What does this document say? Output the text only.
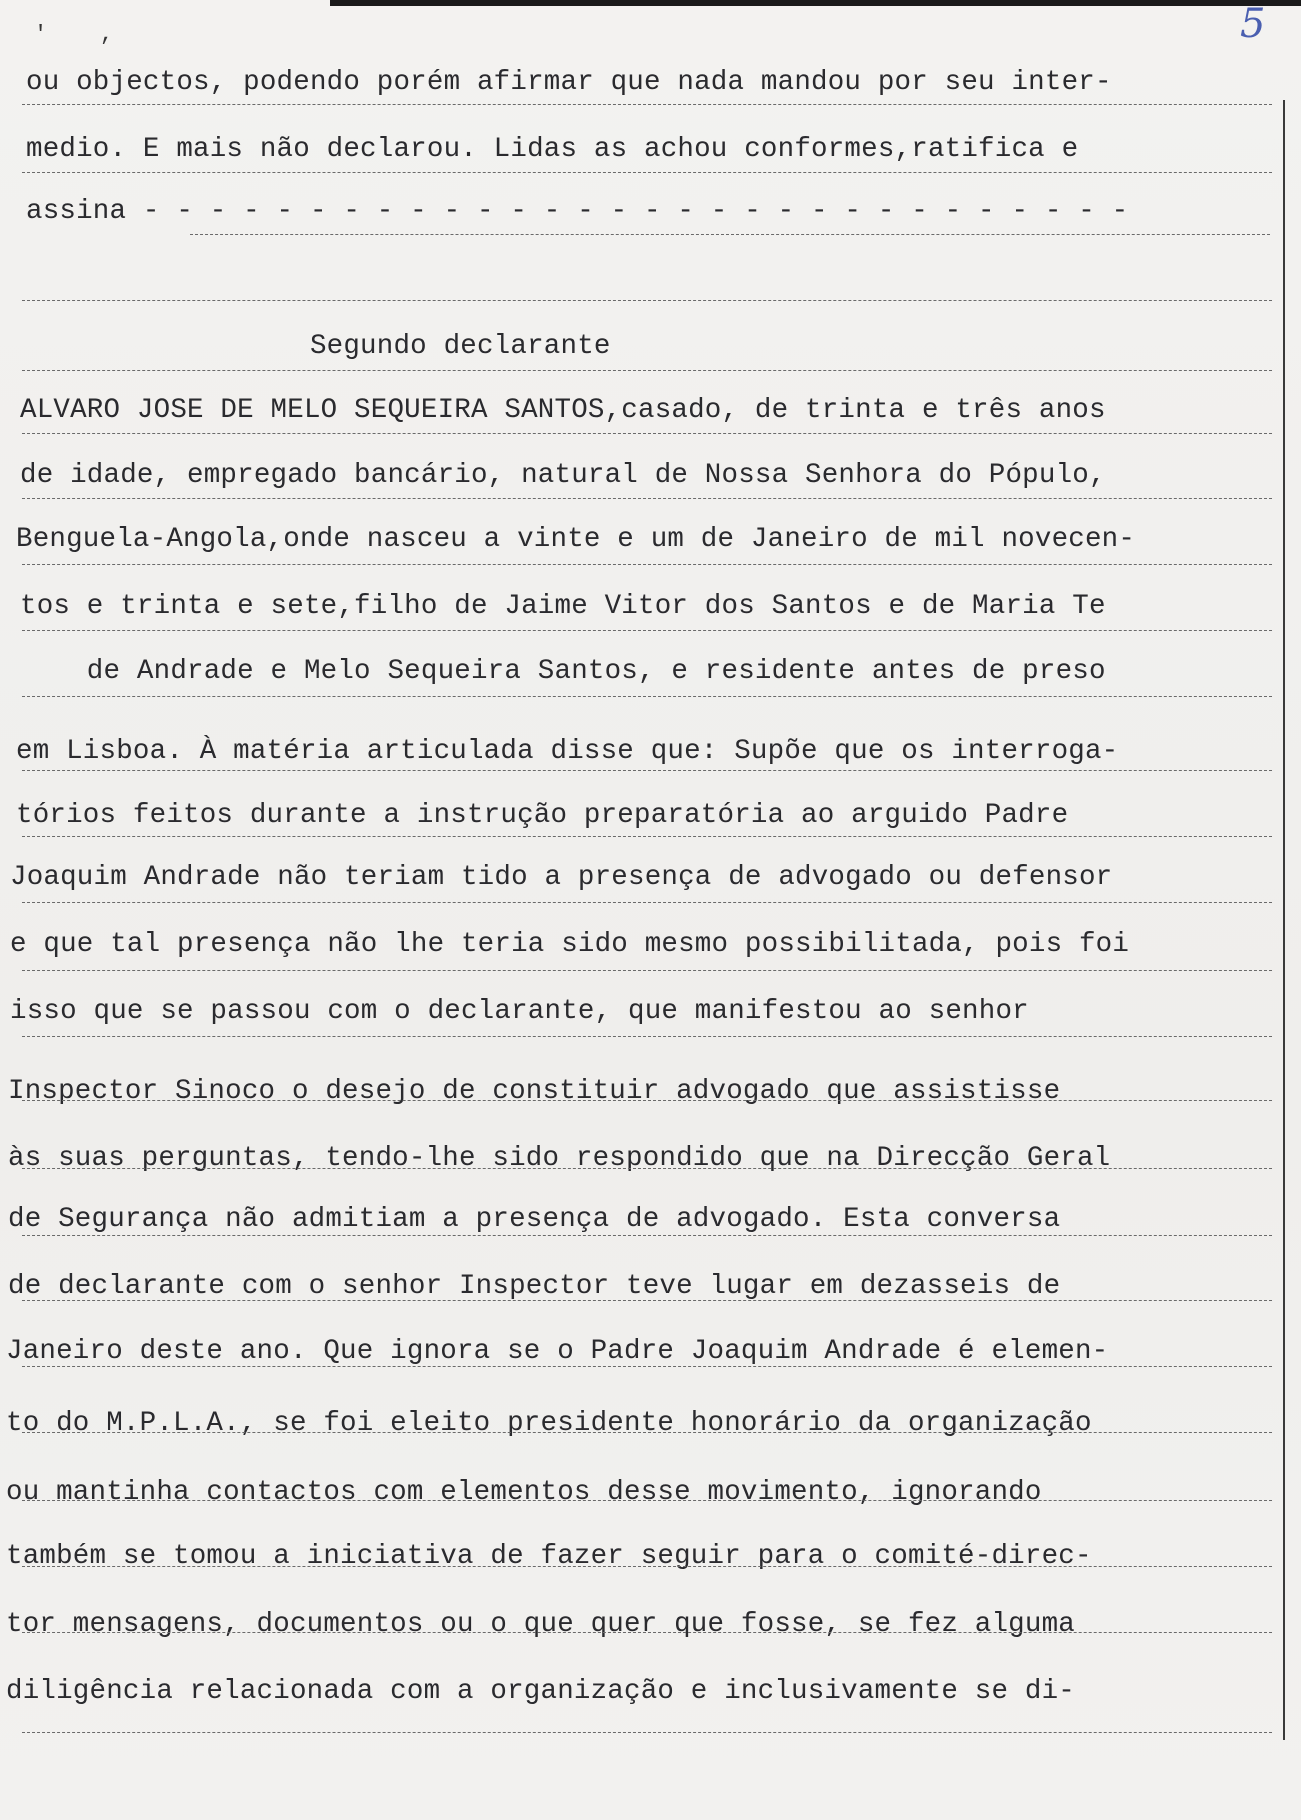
' ,	5
ou objectos, podendo porém afirmar que nada mandou por seu inter-
medio. E mais não declarou. Lidas as achou conformes,ratifica e
assina - - - - - - - - - - - - - - - - - - - - - - - - - - - - - -
Segundo declarante
ALVARO JOSE DE MELO SEQUEIRA SANTOS,casado, de trinta e três anos
de idade, empregado bancário, natural de Nossa Senhora do Pópulo,
Benguela-Angola,onde nasceu a vinte e um de Janeiro de mil novecen-
tos e trinta e sete,filho de Jaime Vitor dos Santos e de Maria Te
de Andrade e Melo Sequeira Santos, e residente antes de preso
em Lisboa. À matéria articulada disse que: Supõe que os interroga-
tórios feitos durante a instrução preparatória ao arguido Padre
Joaquim Andrade não teriam tido a presença de advogado ou defensor
e que tal presença não lhe teria sido mesmo possibilitada, pois foi
isso que se passou com o declarante, que manifestou ao senhor
Inspector Sinoco o desejo de constituir advogado que assistisse
às suas perguntas, tendo-lhe sido respondido que na Direcção Geral
de Segurança não admitiam a presença de advogado. Esta conversa
de declarante com o senhor Inspector teve lugar em dezasseis de
Janeiro deste ano. Que ignora se o Padre Joaquim Andrade é elemen-
to do M.P.L.A., se foi eleito presidente honorário da organização
ou mantinha contactos com elementos desse movimento, ignorando
também se tomou a iniciativa de fazer seguir para o comité-direc-
tor mensagens, documentos ou o que quer que fosse, se fez alguma
diligência relacionada com a organização e inclusivamente se di-
